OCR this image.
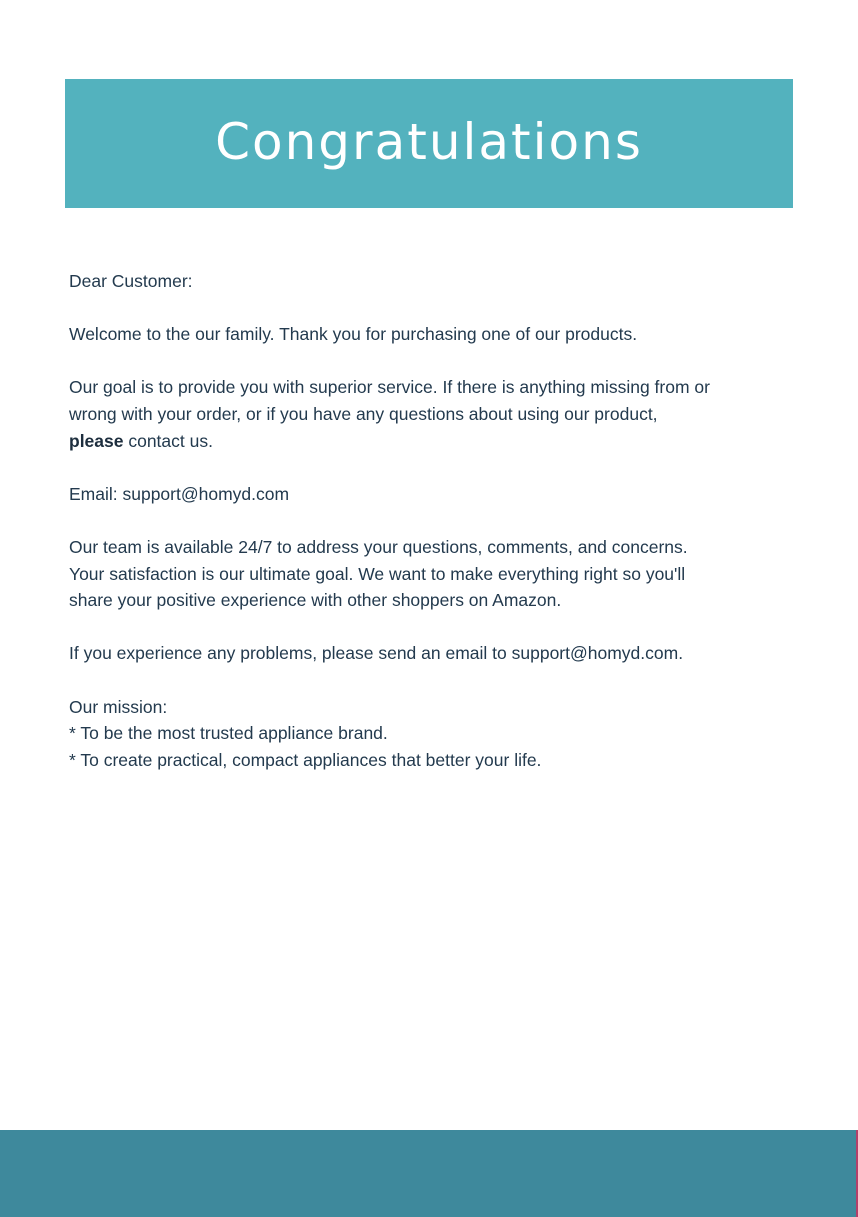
Congratulations

Dear Customer:

Welcome to the our family. Thank you for purchasing one of our products.

Our goal is to provide you with superior service. If there is anything missing from or
wrong with your order, or if you have any questions about using our product,
please contact us.

Email: support@homyd.com

Our team is available 24/7 to address your questions, comments, and concerns.
Your satisfaction is our ultimate goal. We want to make everything right so you'll
share your positive experience with other shoppers on Amazon.

If you experience any problems, please send an email to support@homyd.com.

Our mission:
* To be the most trusted appliance brand.
* To create practical, compact appliances that better your life.
